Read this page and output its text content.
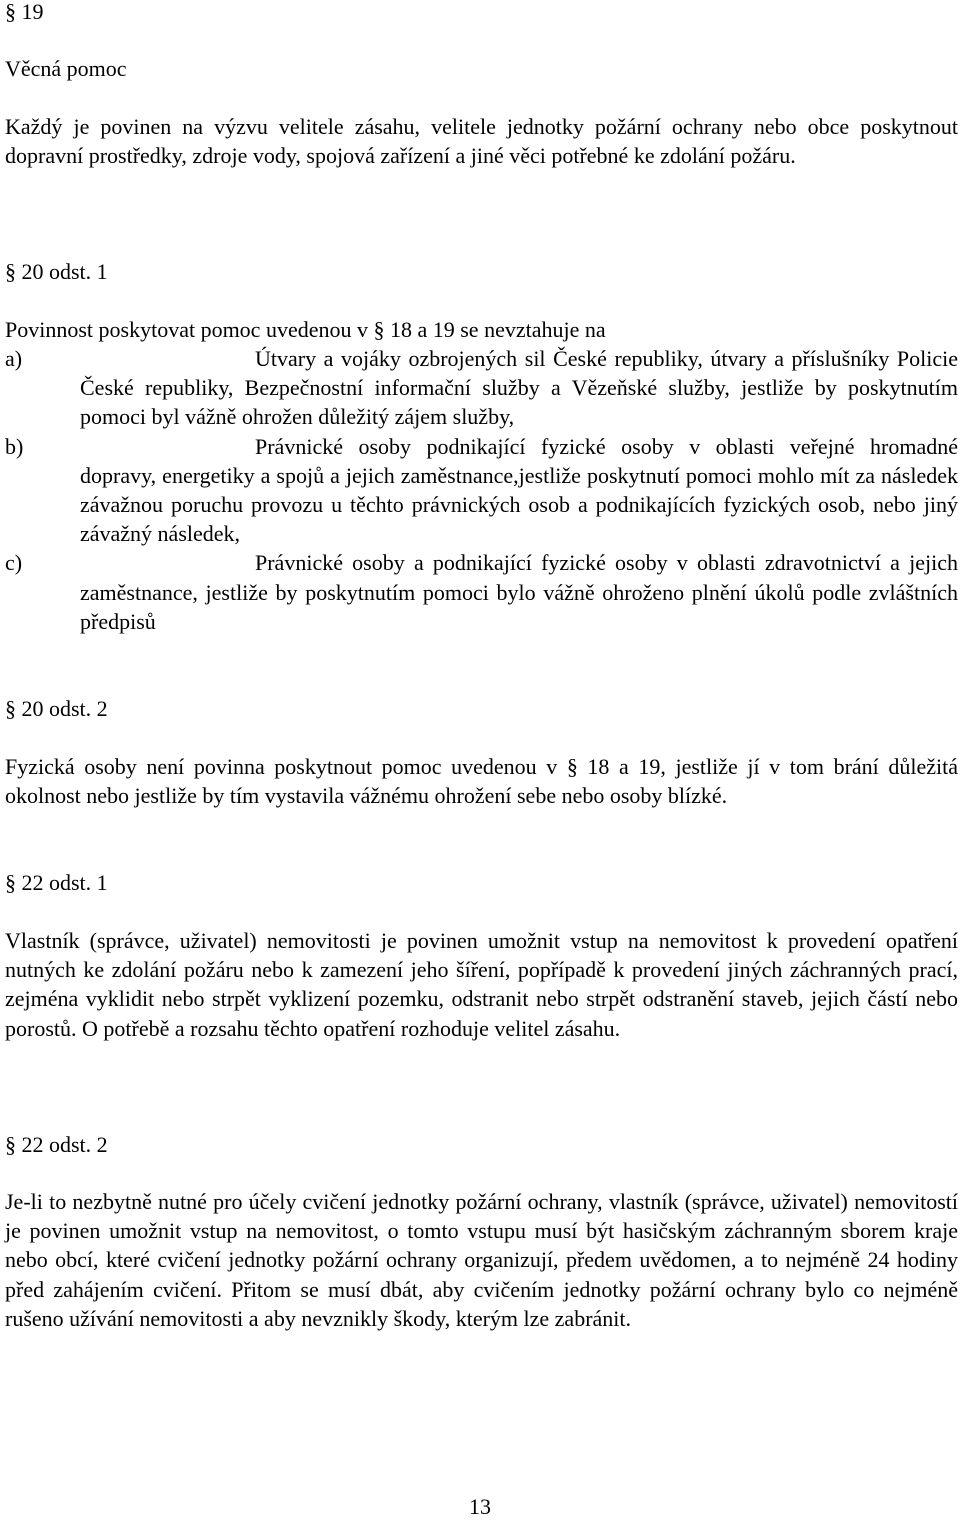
§ 19

Věcná pomoc

Každý je povinen na výzvu velitele zásahu, velitele jednotky požární ochrany nebo obce poskytnout dopravní prostředky, zdroje vody, spojová zařízení a jiné věci potřebné ke zdolání požáru.

§ 20 odst. 1

Povinnost poskytovat pomoc uvedenou v § 18 a 19 se nevztahuje na

a)	Útvary a vojáky ozbrojených sil České republiky, útvary a příslušníky Policie České republiky, Bezpečnostní informační služby a Vězeňské služby, jestliže by poskytnutím pomoci byl vážně ohrožen důležitý zájem služby,
b)	Právnické osoby podnikající fyzické osoby v oblasti veřejné hromadné dopravy, energetiky a spojů a jejich zaměstnance,jestliže poskytnutí pomoci mohlo mít za následek závažnou poruchu provozu u těchto právnických osob a podnikajících fyzických osob, nebo jiný závažný následek,
c)	Právnické osoby a podnikající fyzické osoby v oblasti zdravotnictví a jejich zaměstnance, jestliže by poskytnutím pomoci bylo vážně ohroženo plnění úkolů podle zvláštních předpisů

§ 20 odst. 2

Fyzická osoby není povinna poskytnout pomoc uvedenou v § 18 a 19, jestliže jí v tom brání důležitá okolnost nebo jestliže by tím vystavila vážnému ohrožení sebe nebo osoby blízké.

§ 22 odst. 1

Vlastník (správce, uživatel) nemovitosti je povinen umožnit vstup na nemovitost k provedení opatření nutných ke zdolání požáru nebo k zamezení jeho šíření, popřípadě k provedení jiných záchranných prací, zejména vyklidit nebo strpět vyklizení pozemku, odstranit nebo strpět odstranění staveb, jejich částí nebo porostů. O potřebě a rozsahu těchto opatření rozhoduje velitel zásahu.

§ 22 odst. 2

Je-li to nezbytně nutné pro účely cvičení jednotky požární ochrany, vlastník (správce, uživatel) nemovitostí je povinen umožnit vstup na nemovitost, o tomto vstupu musí být hasičským záchranným sborem kraje nebo obcí, které cvičení jednotky požární ochrany organizují, předem uvědomen, a to nejméně 24 hodiny před zahájením cvičení. Přitom se musí dbát, aby cvičením jednotky požární ochrany bylo co nejméně rušeno užívání nemovitosti a aby nevznikly škody, kterým lze zabránit.

13
